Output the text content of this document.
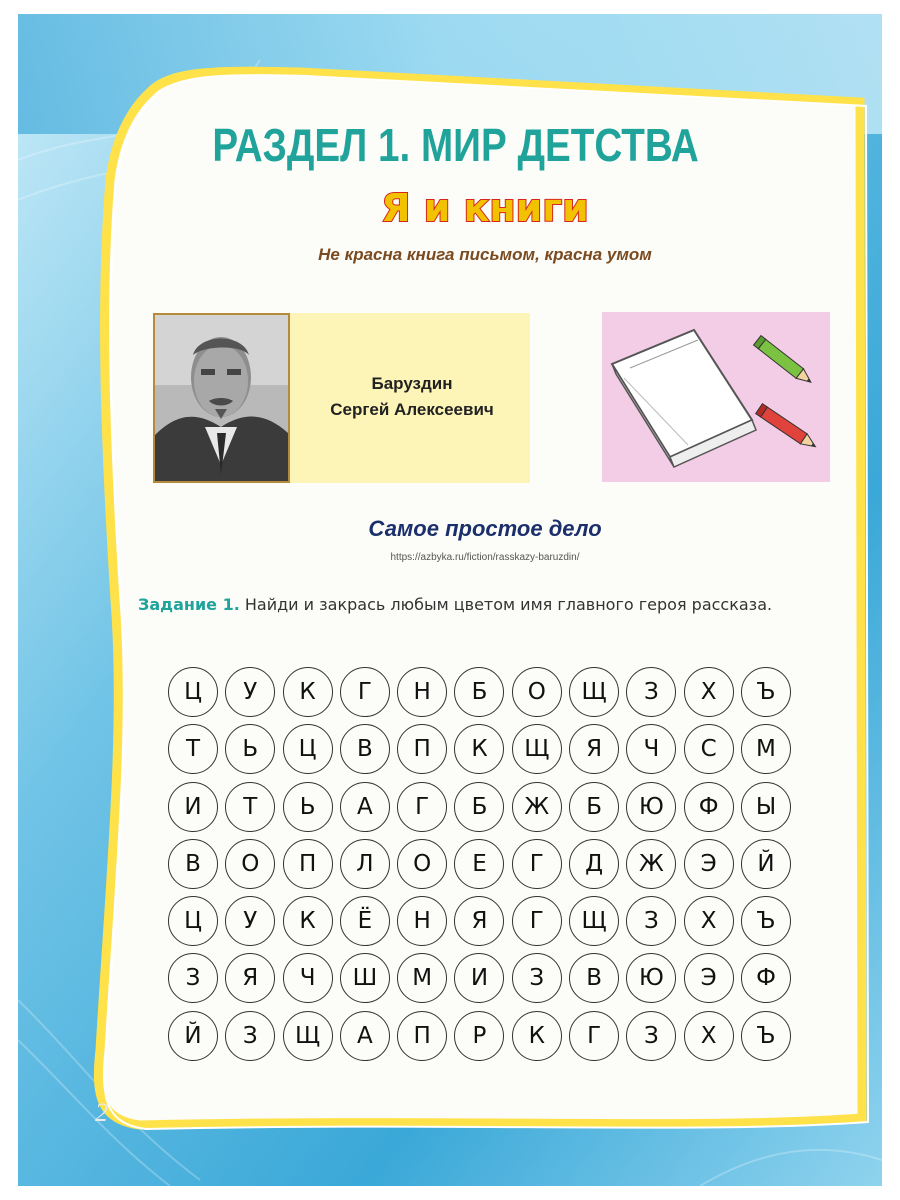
РАЗДЕЛ 1. МИР ДЕТСТВА
Я и книги
Не красна книга письмом, красна умом
Баруздин
Сергей Алексеевич
Самое простое дело
https://azbyka.ru/fiction/rasskazy-baruzdin/
Задание 1. Найди и закрась любым цветом имя главного героя рассказа.
Ц У К Г Н Б О Щ З Х Ъ
Т Ь Ц В П К Щ Я Ч С М
И Т Ь А Г Б Ж Б Ю Ф Ы
В О П Л О Е Г Д Ж Э Й
Ц У К Ё Н Я Г Щ З Х Ъ
З Я Ч Ш М И З В Ю Э Ф
Й З Щ А П Р К Г З Х Ъ
2
